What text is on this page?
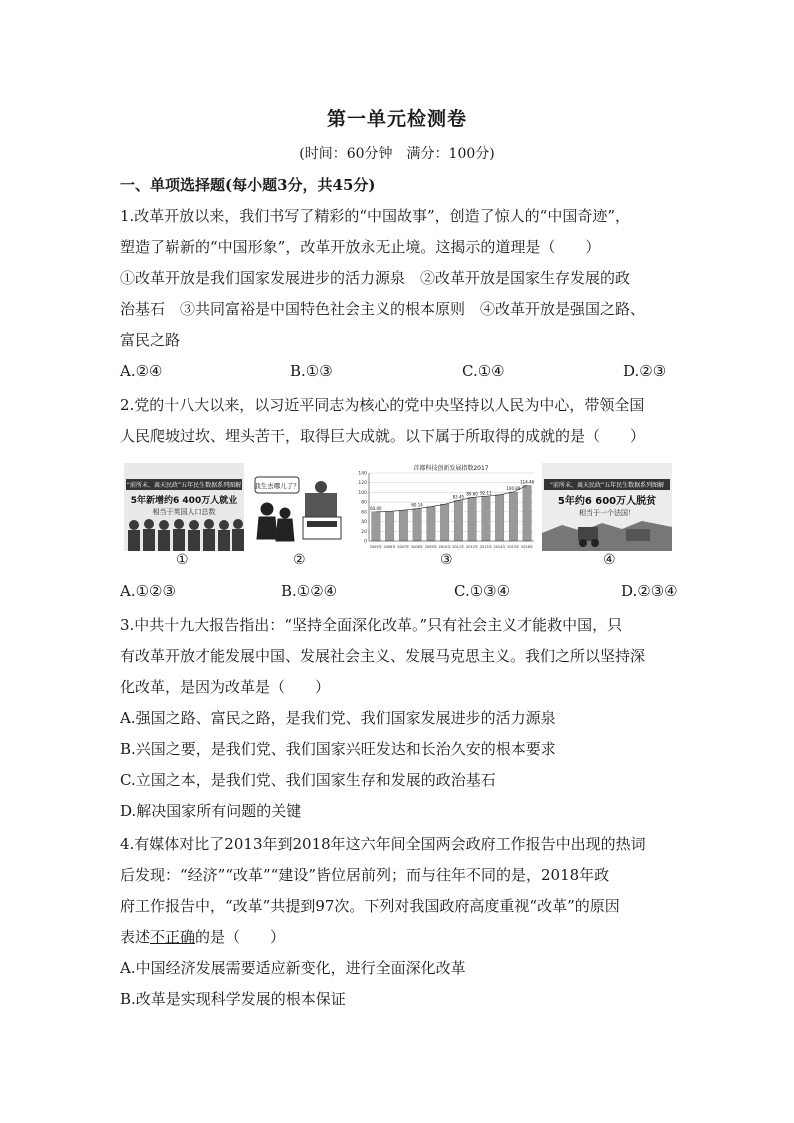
第一单元检测卷
(时间：60分钟　满分：100分)
一、单项选择题(每小题3分，共45分)
1.改革开放以来，我们书写了精彩的“中国故事”，创造了惊人的“中国奇迹”，
塑造了崭新的“中国形象”，改革开放永无止境。这揭示的道理是（　　）
①改革开放是我们国家发展进步的活力源泉　②改革开放是国家生存发展的政
治基石　③共同富裕是中国特色社会主义的根本原则　④改革开放是强国之路、
富民之路
A.②④	B.①③	C.①④	D.②③
2.党的十八大以来，以习近平同志为核心的党中央坚持以人民为中心，带领全国
人民爬坡过坎、埋头苦干，取得巨大成就。以下属于所取得的成就的是（　　）
“前所未、离天民政”五年民生数据系列图解
5年新增约6 400万人就业
相当于英国人口总数
我生去哪儿了？
首都科技创新发展指数2017
0
20
40
60
80
100
120
140
60.00
2005年 2006年 2007年
60.14
2008年 2009年 2010年
83.45
2011年
89.60
2012年
92.11
2013年 2014年
100.89
2015年
114.46
2016年
“前所未、离天民政”五年民生数据系列图解
5年约6 600万人脱贫
相当于一个法国！
①	②	③	④
A.①②③	B.①②④	C.①③④	D.②③④
3.中共十九大报告指出：“坚持全面深化改革。”只有社会主义才能救中国，只
有改革开放才能发展中国、发展社会主义、发展马克思主义。我们之所以坚持深
化改革，是因为改革是（　　）
A.强国之路、富民之路，是我们党、我们国家发展进步的活力源泉
B.兴国之要，是我们党、我们国家兴旺发达和长治久安的根本要求
C.立国之本，是我们党、我们国家生存和发展的政治基石
D.解决国家所有问题的关键
4.有媒体对比了2013年到2018年这六年间全国两会政府工作报告中出现的热词
后发现：“经济”“改革”“建设”皆位居前列；而与往年不同的是，2018年政
府工作报告中，“改革”共提到97次。下列对我国政府高度重视“改革”的原因
表述不正确的是（　　）
A.中国经济发展需要适应新变化，进行全面深化改革
B.改革是实现科学发展的根本保证
